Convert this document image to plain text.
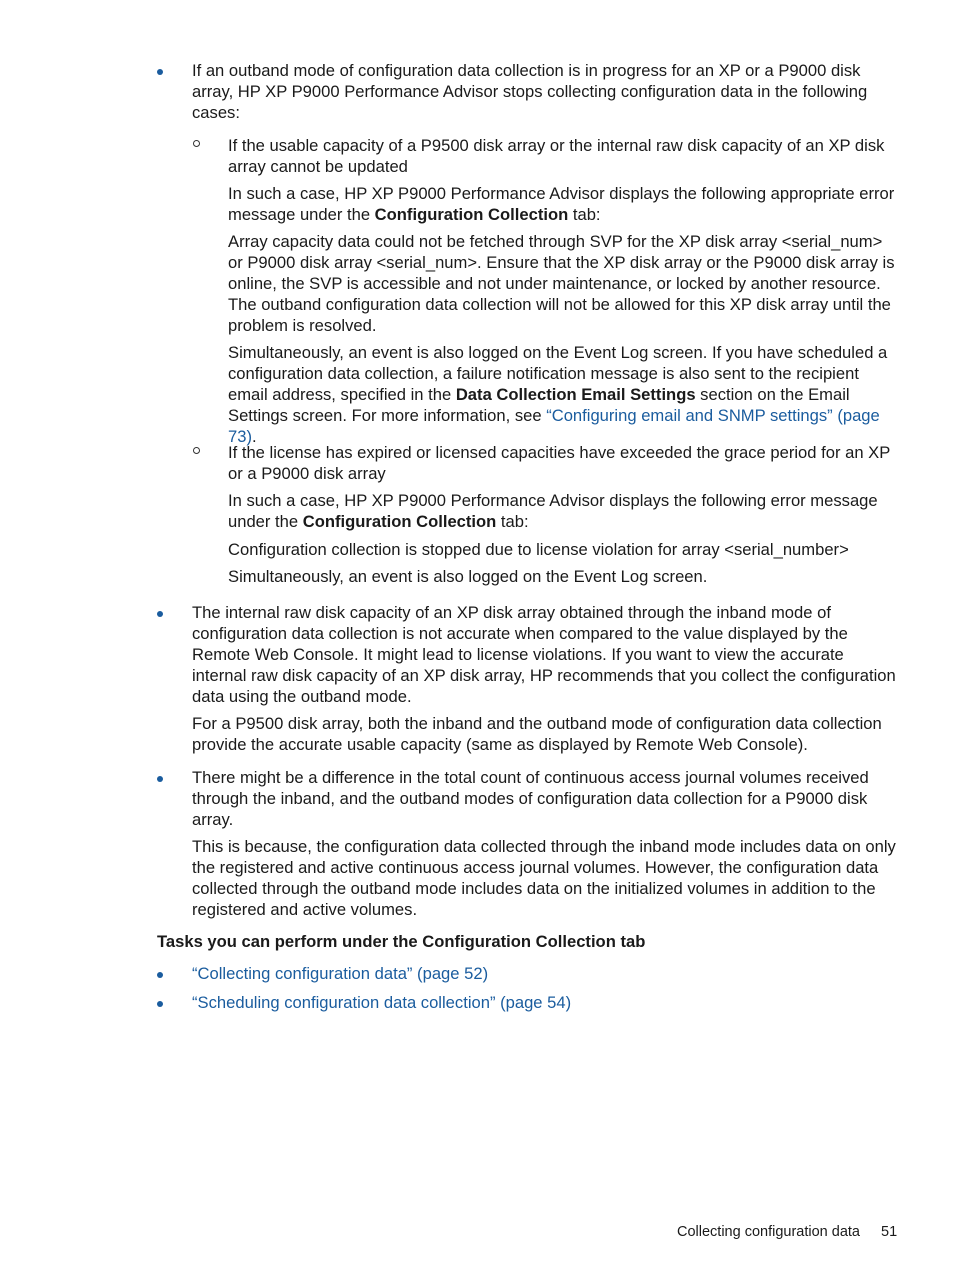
If an outband mode of configuration data collection is in progress for an XP or a P9000 disk array, HP XP P9000 Performance Advisor stops collecting configuration data in the following cases:

If the usable capacity of a P9500 disk array or the internal raw disk capacity of an XP disk array cannot be updated

In such a case, HP XP P9000 Performance Advisor displays the following appropriate error message under the Configuration Collection tab:

Array capacity data could not be fetched through SVP for the XP disk array <serial_num> or P9000 disk array <serial_num>. Ensure that the XP disk array or the P9000 disk array is online, the SVP is accessible and not under maintenance, or locked by another resource. The outband configuration data collection will not be allowed for this XP disk array until the problem is resolved.

Simultaneously, an event is also logged on the Event Log screen. If you have scheduled a configuration data collection, a failure notification message is also sent to the recipient email address, specified in the Data Collection Email Settings section on the Email Settings screen. For more information, see “Configuring email and SNMP settings” (page 73).

If the license has expired or licensed capacities have exceeded the grace period for an XP or a P9000 disk array

In such a case, HP XP P9000 Performance Advisor displays the following error message under the Configuration Collection tab:

Configuration collection is stopped due to license violation for array <serial_number>

Simultaneously, an event is also logged on the Event Log screen.

The internal raw disk capacity of an XP disk array obtained through the inband mode of configuration data collection is not accurate when compared to the value displayed by the Remote Web Console. It might lead to license violations. If you want to view the accurate internal raw disk capacity of an XP disk array, HP recommends that you collect the configuration data using the outband mode.

For a P9500 disk array, both the inband and the outband mode of configuration data collection provide the accurate usable capacity (same as displayed by Remote Web Console).

There might be a difference in the total count of continuous access journal volumes received through the inband, and the outband modes of configuration data collection for a P9000 disk array.

This is because, the configuration data collected through the inband mode includes data on only the registered and active continuous access journal volumes. However, the configuration data collected through the outband mode includes data on the initialized volumes in addition to the registered and active volumes.

Tasks you can perform under the Configuration Collection tab

“Collecting configuration data” (page 52)

“Scheduling configuration data collection” (page 54)

Collecting configuration data 51
